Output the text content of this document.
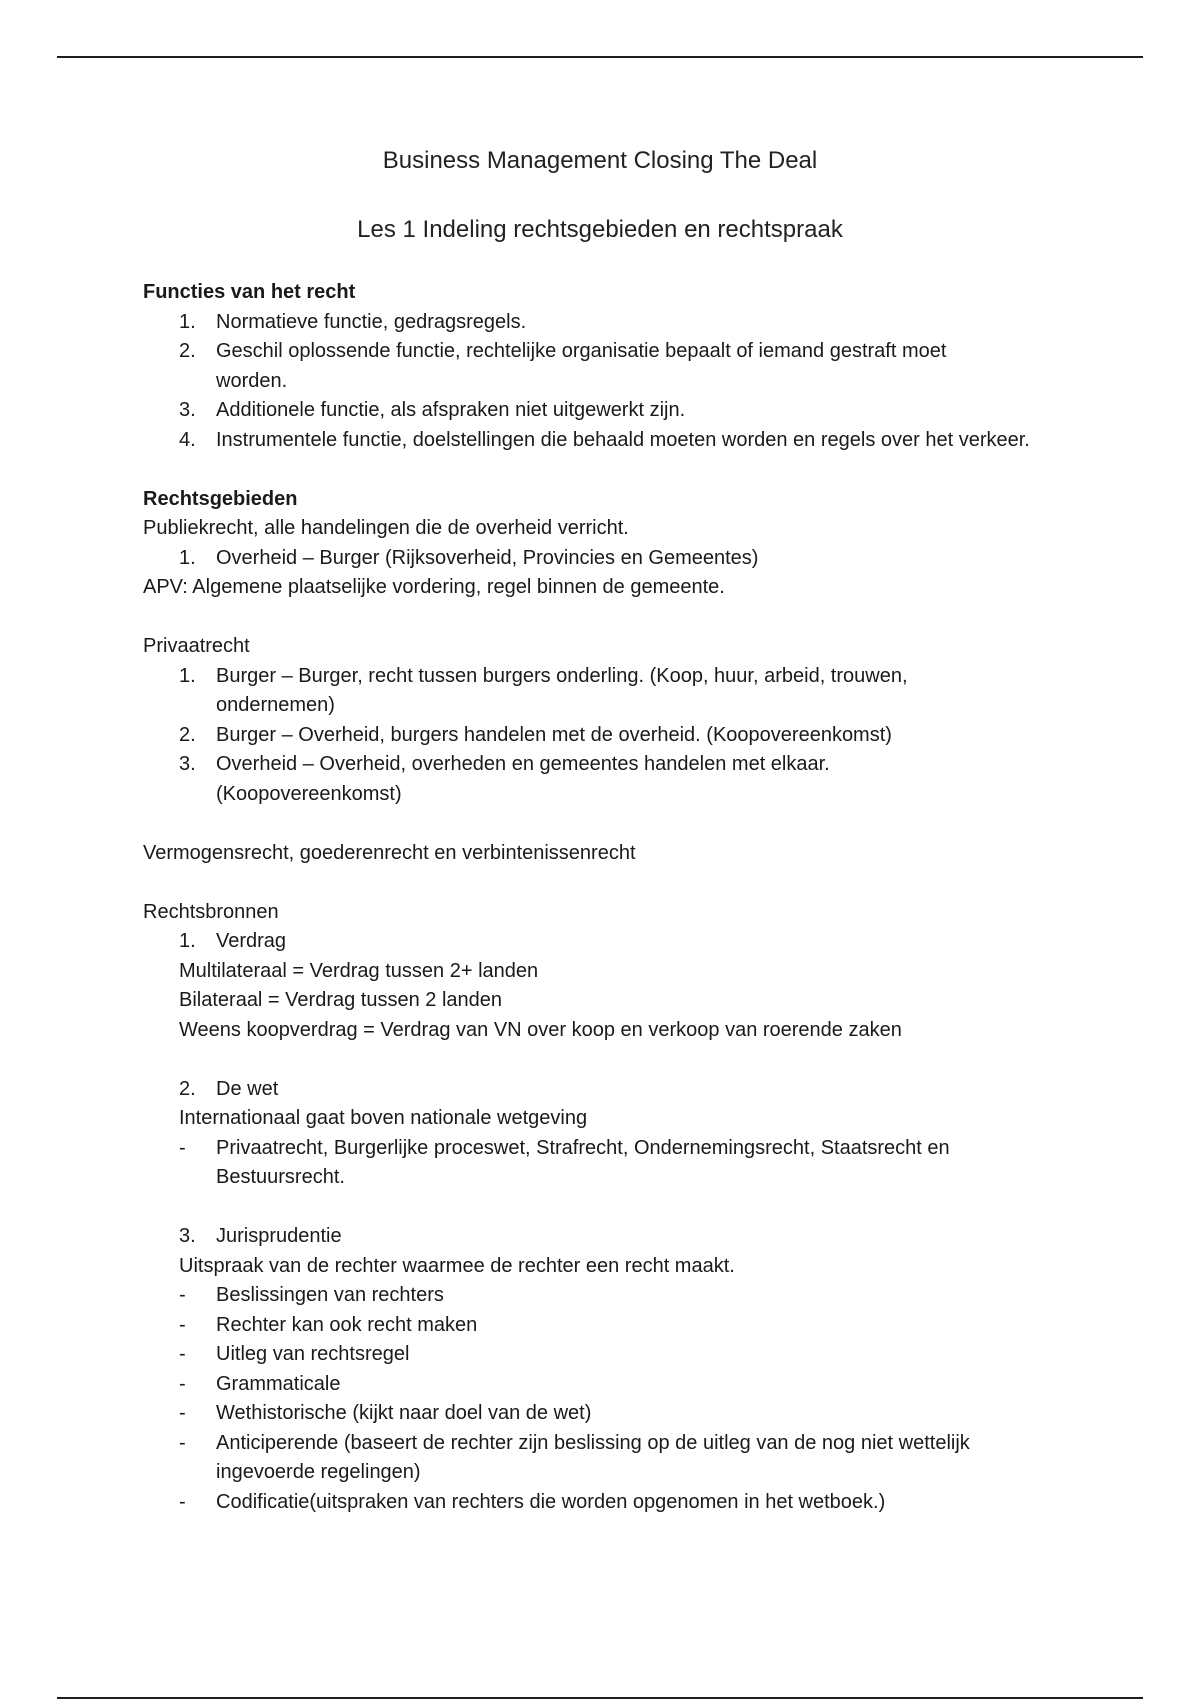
Business Management Closing The Deal
Les 1 Indeling rechtsgebieden en rechtspraak
Functies van het recht
1.	Normatieve functie, gedragsregels.
2.	Geschil oplossende functie, rechtelijke organisatie bepaalt of iemand gestraft moet worden.
3.	Additionele functie, als afspraken niet uitgewerkt zijn.
4.	Instrumentele functie, doelstellingen die behaald moeten worden en regels over het verkeer.
Rechtsgebieden
Publiekrecht, alle handelingen die de overheid verricht.
1.	Overheid – Burger (Rijksoverheid, Provincies en Gemeentes)
APV: Algemene plaatselijke vordering, regel binnen de gemeente.
Privaatrecht
1.	Burger – Burger, recht tussen burgers onderling. (Koop, huur, arbeid, trouwen, ondernemen)
2.	Burger – Overheid, burgers handelen met de overheid. (Koopovereenkomst)
3.	Overheid – Overheid, overheden en gemeentes handelen met elkaar. (Koopovereenkomst)
Vermogensrecht, goederenrecht en verbintenissenrecht
Rechtsbronnen
1.	Verdrag
Multilateraal = Verdrag tussen 2+ landen
Bilateraal = Verdrag tussen 2 landen
Weens koopverdrag = Verdrag van VN over koop en verkoop van roerende zaken
2.	De wet
Internationaal gaat boven nationale wetgeving
-	Privaatrecht, Burgerlijke proceswet, Strafrecht, Ondernemingsrecht, Staatsrecht en Bestuursrecht.
3.	Jurisprudentie
Uitspraak van de rechter waarmee de rechter een recht maakt.
-	Beslissingen van rechters
-	Rechter kan ook recht maken
-	Uitleg van rechtsregel
-	Grammaticale
-	Wethistorische (kijkt naar doel van de wet)
-	Anticiperende (baseert de rechter zijn beslissing op de uitleg van de nog niet wettelijk ingevoerde regelingen)
-	Codificatie(uitspraken van rechters die worden opgenomen in het wetboek.)
